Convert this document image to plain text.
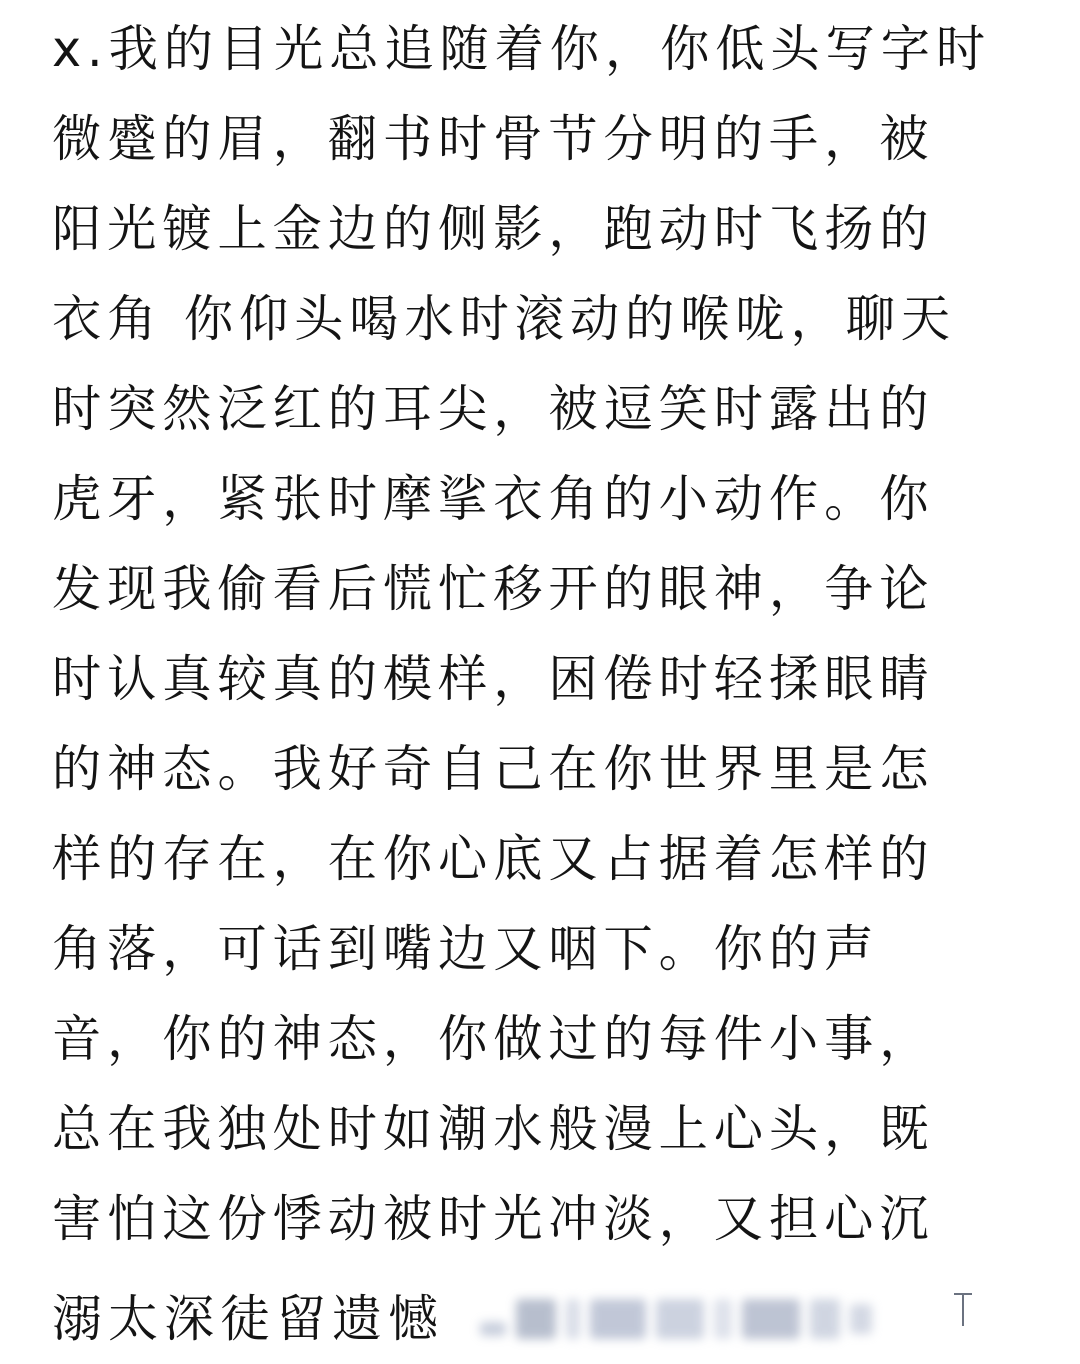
x.我的目光总追随着你，你低头写字时
微蹙的眉，翻书时骨节分明的手，被
阳光镀上金边的侧影，跑动时飞扬的
衣角 你仰头喝水时滚动的喉咙，聊天
时突然泛红的耳尖，被逗笑时露出的
虎牙，紧张时摩挲衣角的小动作。你
发现我偷看后慌忙移开的眼神，争论
时认真较真的模样，困倦时轻揉眼睛
的神态。我好奇自己在你世界里是怎
样的存在，在你心底又占据着怎样的
角落，可话到嘴边又咽下。你的声
音，你的神态，你做过的每件小事，
总在我独处时如潮水般漫上心头，既
害怕这份悸动被时光冲淡，又担心沉
溺太深徒留遗憾
